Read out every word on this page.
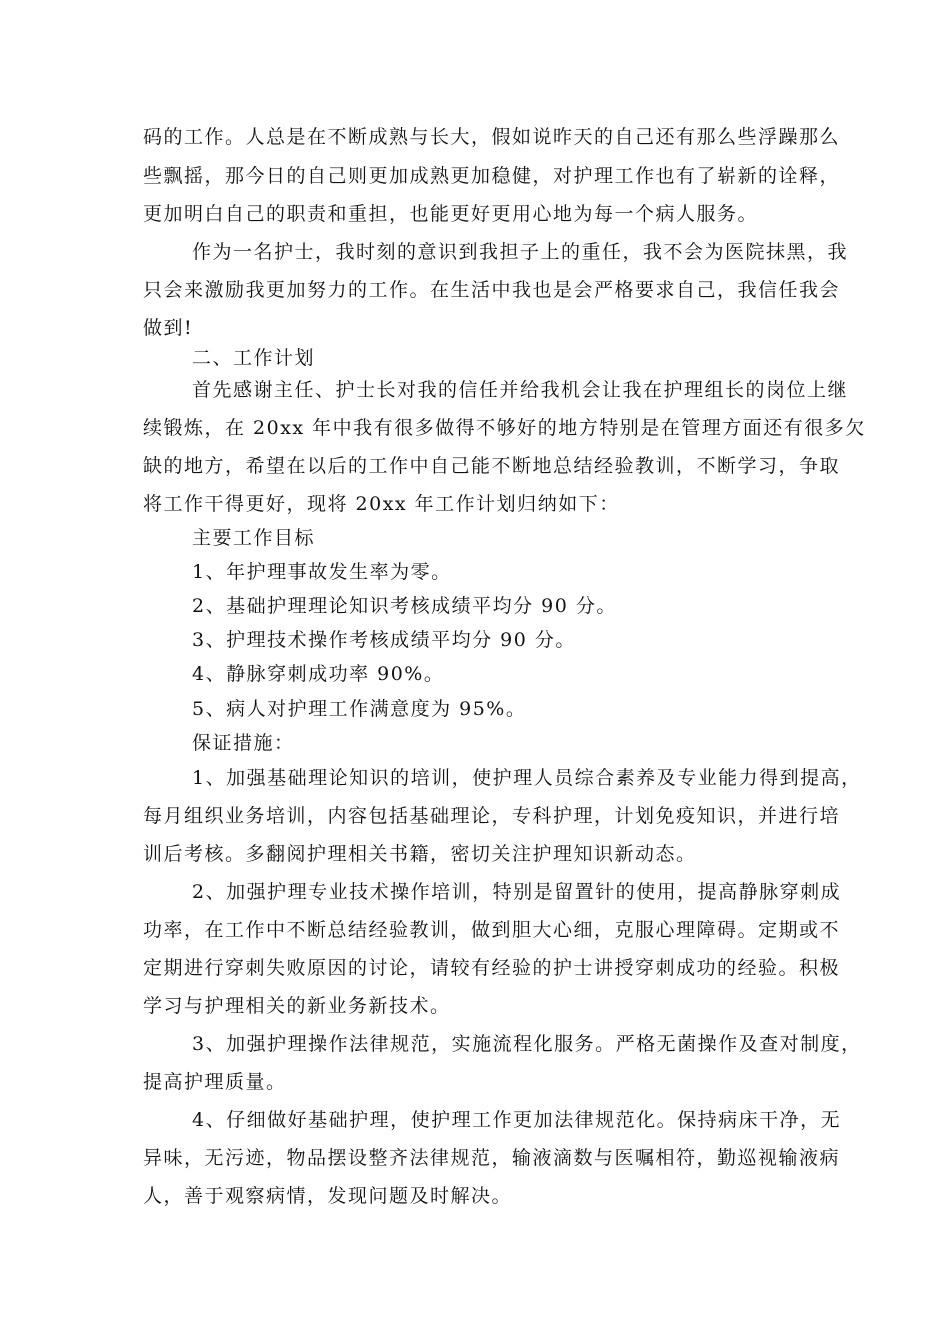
码的工作。人总是在不断成熟与长大，假如说昨天的自己还有那么些浮躁那么
些飘摇，那今日的自己则更加成熟更加稳健，对护理工作也有了崭新的诠释，
更加明白自己的职责和重担，也能更好更用心地为每一个病人服务。
作为一名护士，我时刻的意识到我担子上的重任，我不会为医院抹黑，我
只会来激励我更加努力的工作。在生活中我也是会严格要求自己，我信任我会
做到!
二、工作计划
首先感谢主任、护士长对我的信任并给我机会让我在护理组长的岗位上继
续锻炼，在 20xx 年中我有很多做得不够好的地方特别是在管理方面还有很多欠
缺的地方，希望在以后的工作中自己能不断地总结经验教训，不断学习，争取
将工作干得更好，现将 20xx 年工作计划归纳如下：
主要工作目标
1、年护理事故发生率为零。
2、基础护理理论知识考核成绩平均分 90 分。
3、护理技术操作考核成绩平均分 90 分。
4、静脉穿刺成功率 90%。
5、病人对护理工作满意度为 95%。
保证措施：
1、加强基础理论知识的培训，使护理人员综合素养及专业能力得到提高，
每月组织业务培训，内容包括基础理论，专科护理，计划免疫知识，并进行培
训后考核。多翻阅护理相关书籍，密切关注护理知识新动态。
2、加强护理专业技术操作培训，特别是留置针的使用，提高静脉穿刺成
功率，在工作中不断总结经验教训，做到胆大心细，克服心理障碍。定期或不
定期进行穿刺失败原因的讨论，请较有经验的护士讲授穿刺成功的经验。积极
学习与护理相关的新业务新技术。
3、加强护理操作法律规范，实施流程化服务。严格无菌操作及查对制度，
提高护理质量。
4、仔细做好基础护理，使护理工作更加法律规范化。保持病床干净，无
异味，无污迹，物品摆设整齐法律规范，输液滴数与医嘱相符，勤巡视输液病
人，善于观察病情，发现问题及时解决。
